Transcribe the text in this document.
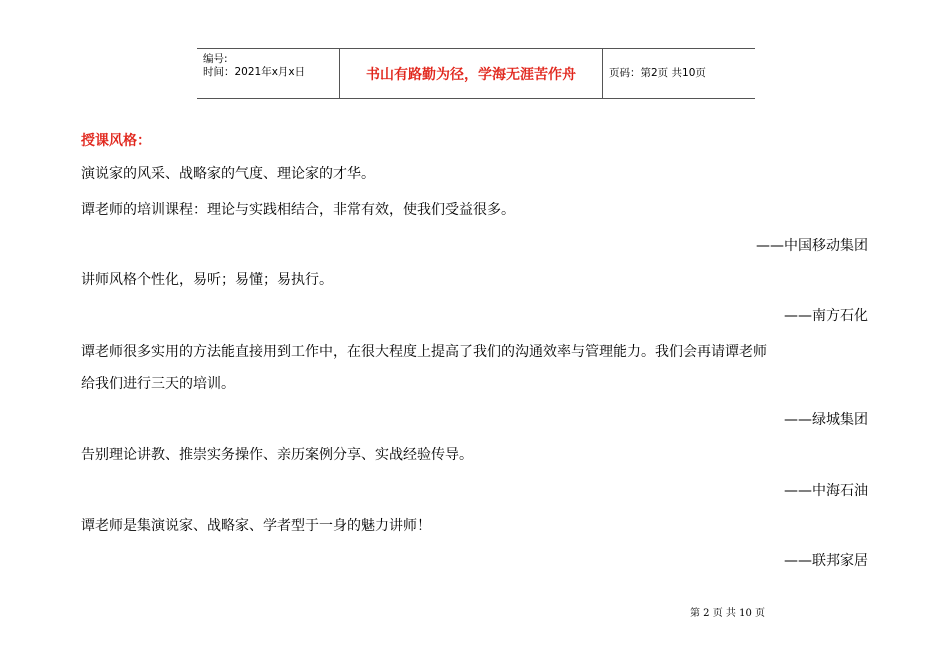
编号:
时间：2021年x月x日	书山有路勤为径，学海无涯苦作舟	页码：第2页 共10页
授课风格：
演说家的风采、战略家的气度、理论家的才华。
谭老师的培训课程：理论与实践相结合，非常有效，使我们受益很多。
——中国移动集团
讲师风格个性化，易听；易懂；易执行。
——南方石化
谭老师很多实用的方法能直接用到工作中，在很大程度上提高了我们的沟通效率与管理能力。我们会再请谭老师
给我们进行三天的培训。
——绿城集团
告别理论讲教、推崇实务操作、亲历案例分享、实战经验传导。
——中海石油
谭老师是集演说家、战略家、学者型于一身的魅力讲师！
——联邦家居
第 2 页 共 10 页
